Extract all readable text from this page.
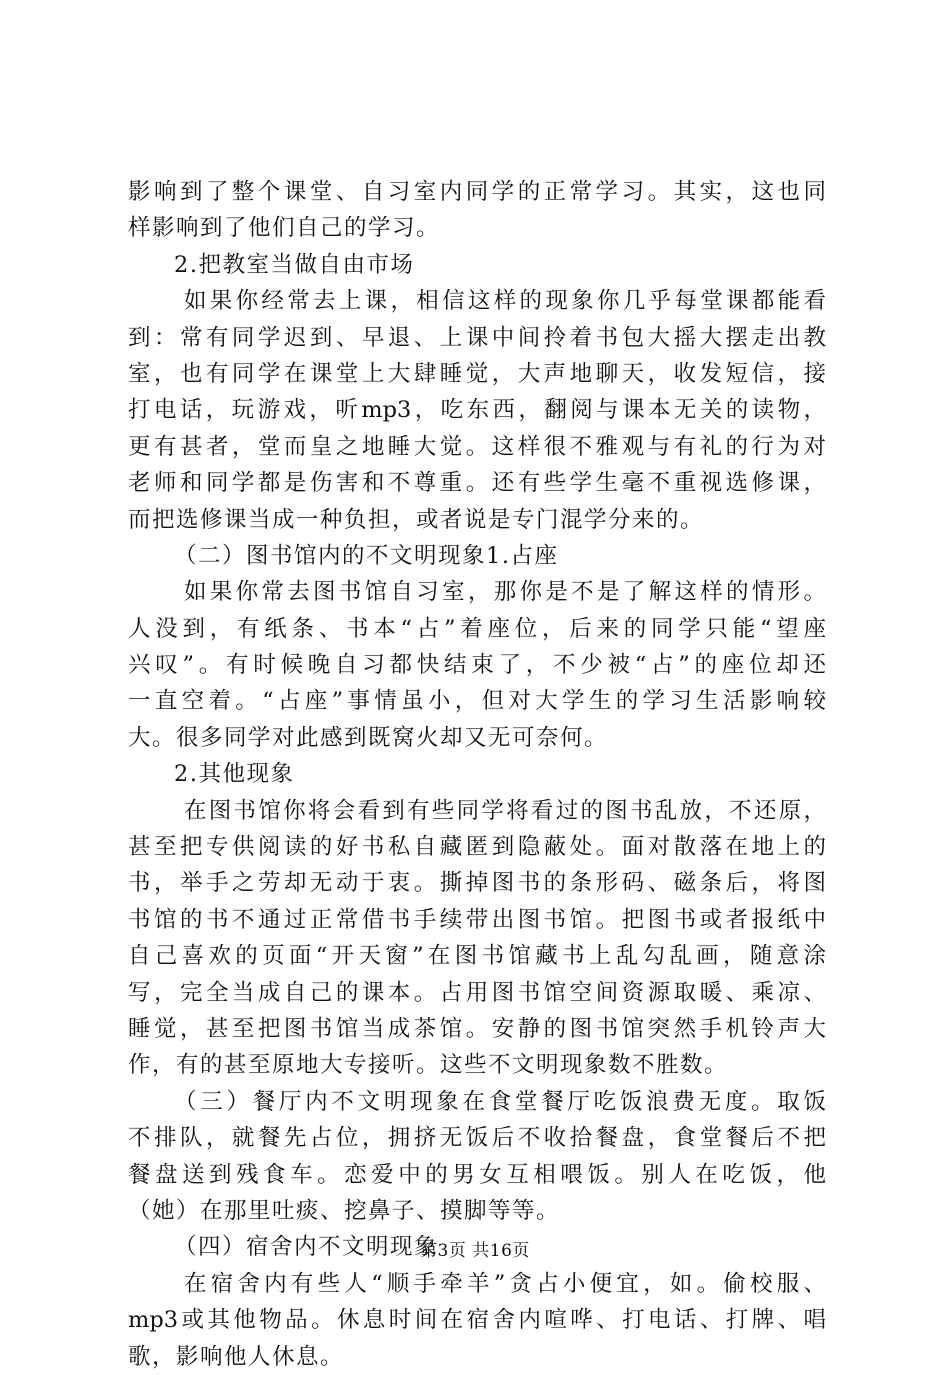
影响到了整个课堂、自习室内同学的正常学习。其实，这也同
样影响到了他们自己的学习。
2.把教室当做自由市场
如果你经常去上课，相信这样的现象你几乎每堂课都能看
到：常有同学迟到、早退、上课中间拎着书包大摇大摆走出教
室，也有同学在课堂上大肆睡觉，大声地聊天，收发短信，接
打电话，玩游戏，听mp3，吃东西，翻阅与课本无关的读物，
更有甚者，堂而皇之地睡大觉。这样很不雅观与有礼的行为对
老师和同学都是伤害和不尊重。还有些学生毫不重视选修课，
而把选修课当成一种负担，或者说是专门混学分来的。
（二）图书馆内的不文明现象1.占座
如果你常去图书馆自习室，那你是不是了解这样的情形。
人没到，有纸条、书本“占”着座位，后来的同学只能“望座
兴叹”。有时候晚自习都快结束了，不少被“占”的座位却还
一直空着。“占座”事情虽小，但对大学生的学习生活影响较
大。很多同学对此感到既窝火却又无可奈何。
2.其他现象
在图书馆你将会看到有些同学将看过的图书乱放，不还原，
甚至把专供阅读的好书私自藏匿到隐蔽处。面对散落在地上的
书，举手之劳却无动于衷。撕掉图书的条形码、磁条后，将图
书馆的书不通过正常借书手续带出图书馆。把图书或者报纸中
自己喜欢的页面“开天窗”在图书馆藏书上乱勾乱画，随意涂
写，完全当成自己的课本。占用图书馆空间资源取暖、乘凉、
睡觉，甚至把图书馆当成茶馆。安静的图书馆突然手机铃声大
作，有的甚至原地大专接听。这些不文明现象数不胜数。
（三）餐厅内不文明现象在食堂餐厅吃饭浪费无度。取饭
不排队，就餐先占位，拥挤无饭后不收拾餐盘，食堂餐后不把
餐盘送到残食车。恋爱中的男女互相喂饭。别人在吃饭，他
（她）在那里吐痰、挖鼻子、摸脚等等。
（四）宿舍内不文明现象
在宿舍内有些人“顺手牵羊”贪占小便宜，如。偷校服、
mp3或其他物品。休息时间在宿舍内喧哗、打电话、打牌、唱
歌，影响他人休息。
第3页 共16页
